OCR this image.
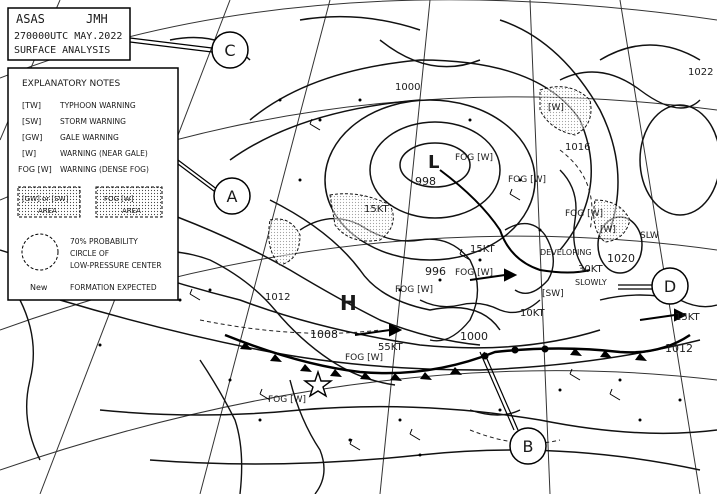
L
998
996
H
1008	1000
1020
1012
1016
1000
1012
1022
15KT
15KT
10KT
30KT
55KT
15KT
FOG [W]
FOG [W]
FOG [W]
FOG [W]
FOG [W]
FOG [W]
FOG [W]
[SW]
[W]
[W]
SLW
DEVELOPING
SLOWLY
ASAS	JMH
270000UTC MAY.2022
SURFACE ANALYSIS
EXPLANATORY NOTES
[TW]	TYPHOON WARNING
[SW]	STORM WARNING
[GW] GALE WARNING
[W]	WARNING (NEAR GALE)
FOG [W] WARNING (DENSE FOG)
[GW] or [SW]
AREA
FOG [W]
AREA
70% PROBABILITY
CIRCLE OF
LOW-PRESSURE CENTER
New	FORMATION EXPECTED
C
A
B
D
